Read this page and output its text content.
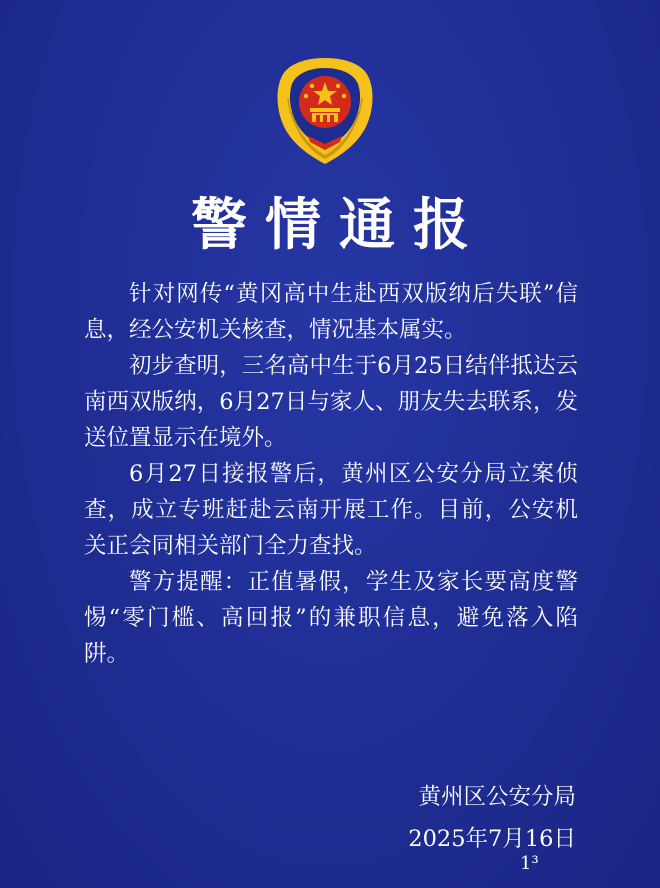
警情通报

针对网传“黄冈高中生赴西双版纳后失联”信息，经公安机关核查，情况基本属实。

初步查明，三名高中生于6月25日结伴抵达云南西双版纳，6月27日与家人、朋友失去联系，发送位置显示在境外。

6月27日接报警后，黄州区公安分局立案侦查，成立专班赶赴云南开展工作。目前，公安机关正会同相关部门全力查找。

警方提醒：正值暑假，学生及家长要高度警惕“零门槛、高回报”的兼职信息，避免落入陷阱。

黄州区公安分局
2025年7月16日
1³
